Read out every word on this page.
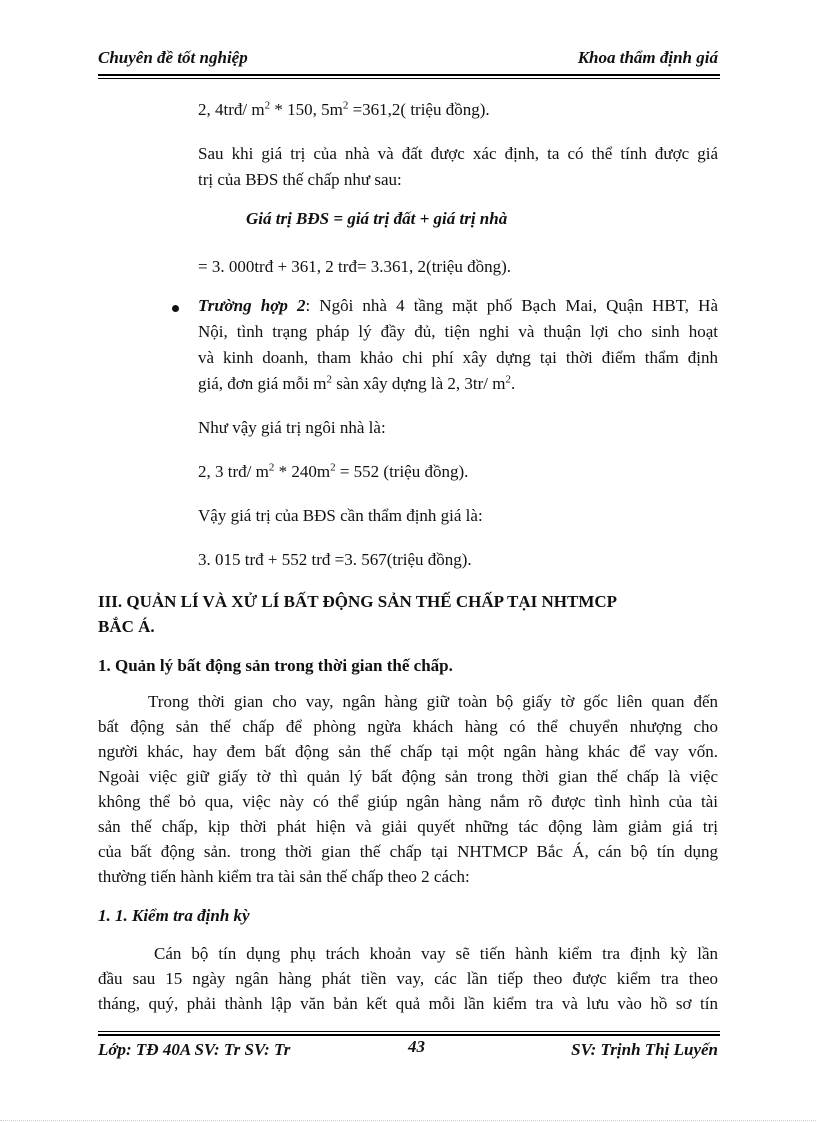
Chuyên đề tốt nghiệp	Khoa thẩm định giá

2, 4trđ/ $m^2 * 150$, $5m^2 =361,2$( triệu đồng).

Sau khi giá trị của nhà và đất được xác định, ta có thể tính được giá

trị của BĐS thế chấp như sau:

Giá trị BĐS = giá trị đất + giá trị nhà

= 3. 000trđ + 361, 2 trđ= 3.361, 2(triệu đồng).

Trường hợp 2: Ngôi nhà 4 tầng mặt phố Bạch Mai, Quận HBT, Hà

Nội, tình trạng pháp lý đầy đủ, tiện nghi và thuận lợi cho sinh hoạt

và kinh doanh, tham khảo chi phí xây dựng tại thời điểm thẩm định

giá, đơn giá mỗi $m^2$ sàn xây dựng là 2, 3tr/ $m^2$.

Như vậy giá trị ngôi nhà là:

2, 3 trđ/ $m^2 * 240m^2 = 552$ (triệu đồng).

Vậy giá trị của BĐS cần thẩm định giá là:

3. 015 trđ + 552 trđ =3. 567(triệu đồng).

III. QUẢN LÍ VÀ XỬ LÍ BẤT ĐỘNG SẢN THẾ CHẤP TẠI NHTMCP

BẮC Á.

1. Quản lý bất động sản trong thời gian thế chấp.

Trong thời gian cho vay, ngân hàng giữ toàn bộ giấy tờ gốc liên quan đến

bất động sản thế chấp để phòng ngừa khách hàng có thể chuyển nhượng cho

người khác, hay đem bất động sản thế chấp tại một ngân hàng khác để vay vốn.

Ngoài việc giữ giấy tờ thì quản lý bất động sản trong thời gian thế chấp là việc

không thể bỏ qua, việc này có thể giúp ngân hàng nắm rõ được tình hình của tài

sản thế chấp, kịp thời phát hiện và giải quyết những tác động làm giảm giá trị

của bất động sản. trong thời gian thế chấp tại NHTMCP Bắc Á, cán bộ tín dụng

thường tiến hành kiểm tra tài sản thế chấp theo 2 cách:

1. 1. Kiểm tra định kỳ

Cán bộ tín dụng phụ trách khoản vay sẽ tiến hành kiểm tra định kỳ lần

đầu sau 15 ngày ngân hàng phát tiền vay, các lần tiếp theo được kiểm tra theo

tháng, quý, phải thành lập văn bản kết quả mỗi lần kiểm tra và lưu vào hồ sơ tín

Lớp: TĐ 40A SV: Tr SV: Tr	43	SV: Trịnh Thị Luyến
